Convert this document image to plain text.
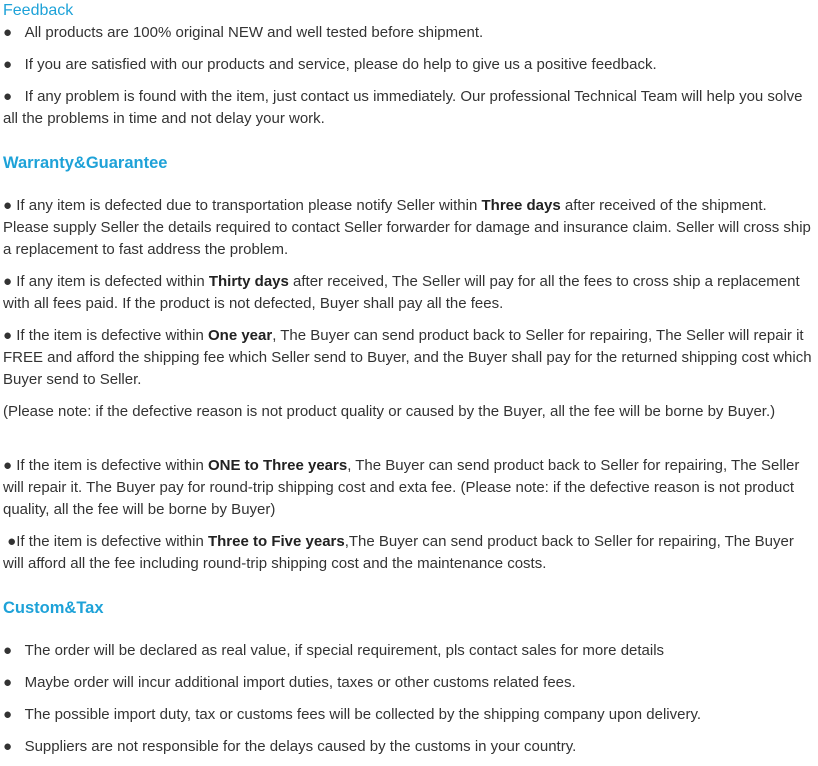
Feedback

● All products are 100% original NEW and well tested before shipment.

● If you are satisfied with our products and service, please do help to give us a positive feedback.

● If any problem is found with the item, just contact us immediately. Our professional Technical Team will help you solve all the problems in time and not delay your work.

Warranty&Guarantee

● If any item is defected due to transportation please notify Seller within Three days after received of the shipment. Please supply Seller the details required to contact Seller forwarder for damage and insurance claim. Seller will cross ship a replacement to fast address the problem.

● If any item is defected within Thirty days after received, The Seller will pay for all the fees to cross ship a replacement with all fees paid. If the product is not defected, Buyer shall pay all the fees.

● If the item is defective within One year, The Buyer can send product back to Seller for repairing, The Seller will repair it FREE and afford the shipping fee which Seller send to Buyer, and the Buyer shall pay for the returned shipping cost which Buyer send to Seller.

(Please note: if the defective reason is not product quality or caused by the Buyer, all the fee will be borne by Buyer.)

● If the item is defective within ONE to Three years, The Buyer can send product back to Seller for repairing, The Seller will repair it. The Buyer pay for round-trip shipping cost and exta fee. (Please note: if the defective reason is not product quality, all the fee will be borne by Buyer)

●If the item is defective within Three to Five years,The Buyer can send product back to Seller for repairing, The Buyer will afford all the fee including round-trip shipping cost and the maintenance costs.

Custom&Tax

● The order will be declared as real value, if special requirement, pls contact sales for more details

● Maybe order will incur additional import duties, taxes or other customs related fees.

● The possible import duty, tax or customs fees will be collected by the shipping company upon delivery.

● Suppliers are not responsible for the delays caused by the customs in your country.
